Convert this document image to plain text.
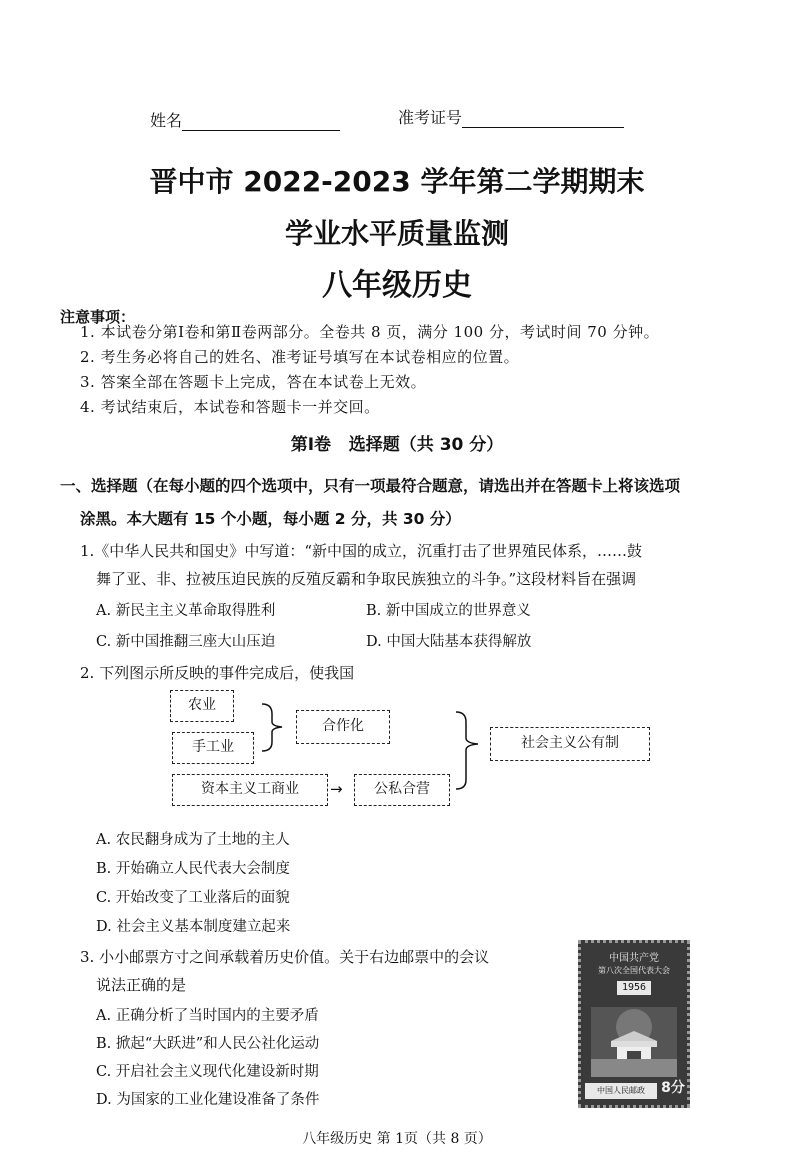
姓名	准考证号
晋中市 2022-2023 学年第二学期期末
学业水平质量监测
八年级历史
注意事项：
1. 本试卷分第Ⅰ卷和第Ⅱ卷两部分。全卷共 8 页，满分 100 分，考试时间 70 分钟。
2. 考生务必将自己的姓名、准考证号填写在本试卷相应的位置。
3. 答案全部在答题卡上完成，答在本试卷上无效。
4. 考试结束后，本试卷和答题卡一并交回。
第Ⅰ卷   选择题（共 30 分）
一、选择题（在每小题的四个选项中，只有一项最符合题意，请选出并在答题卡上将该选项
涂黑。本大题有 15 个小题，每小题 2 分，共 30 分）
1.《中华人民共和国史》中写道：“新中国的成立，沉重打击了世界殖民体系，……鼓
舞了亚、非、拉被压迫民族的反殖反霸和争取民族独立的斗争。”这段材料旨在强调
A. 新民主主义革命取得胜利	B. 新中国成立的世界意义
C. 新中国推翻三座大山压迫	D. 中国大陆基本获得解放
2. 下列图示所反映的事件完成后，使我国
农业
手工业
合作化
资本主义工商业	→	公私合营
社会主义公有制
A. 农民翻身成为了土地的主人
B. 开始确立人民代表大会制度
C. 开始改变了工业落后的面貌
D. 社会主义基本制度建立起来
3. 小小邮票方寸之间承载着历史价值。关于右边邮票中的会议
说法正确的是
A. 正确分析了当时国内的主要矛盾
B. 掀起“大跃进”和人民公社化运动
C. 开启社会主义现代化建设新时期
D. 为国家的工业化建设准备了条件
中国共产党
第八次全国代表大会
1956
中国人民邮政	8分
八年级历史 第 1页（共 8 页）
